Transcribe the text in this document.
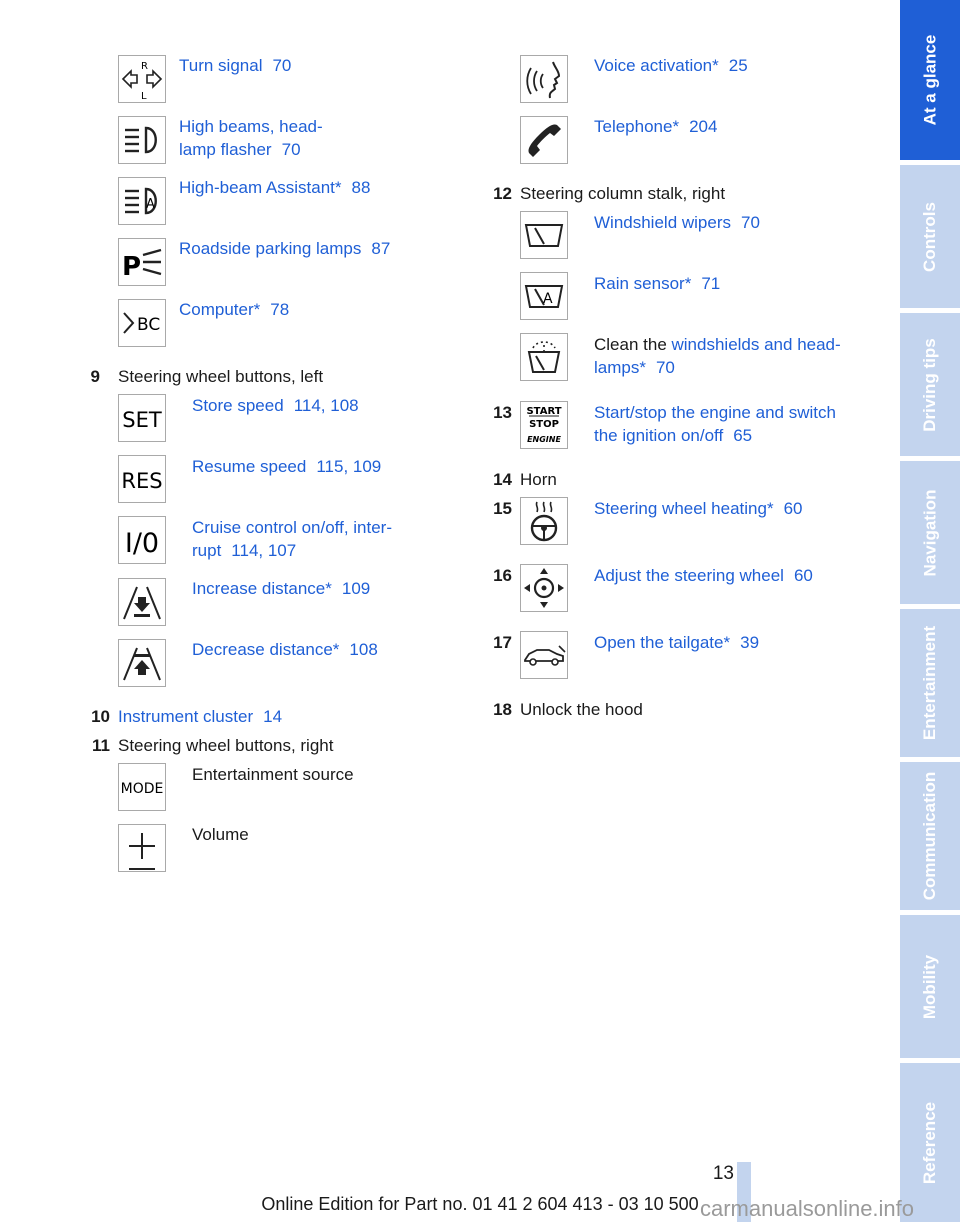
R
L
Turn signal 70
High beams, head-
lamp flasher 70
A
High-beam Assistant* 88
P
Roadside parking lamps 87
BC
Computer* 78
9 Steering wheel buttons, left
SET
Store speed 114, 108
RES
Resume speed 115, 109
I/0
Cruise control on/off, inter-
rupt 114, 107
Increase distance* 109
Decrease distance* 108
10 Instrument cluster 14
11 Steering wheel buttons, right
MODE
Entertainment source
Volume
Voice activation* 25
Telephone* 204
12 Steering column stalk, right
Windshield wipers 70
A
Rain sensor* 71
Clean the windshields and head-
lamps* 70
13 START
STOP
ENGINE
Start/stop the engine and switch
the ignition on/off 65
14 Horn
15	Steering wheel heating* 60
16	Adjust the steering wheel 60
17	Open the tailgate* 39
18 Unlock the hood
At a glance
Controls
Driving tips
Navigation
Entertainment
Communication
Mobility
Reference
13
Online Edition for Part no. 01 41 2 604 413 - 03 10 500 carmanualsonline.info
